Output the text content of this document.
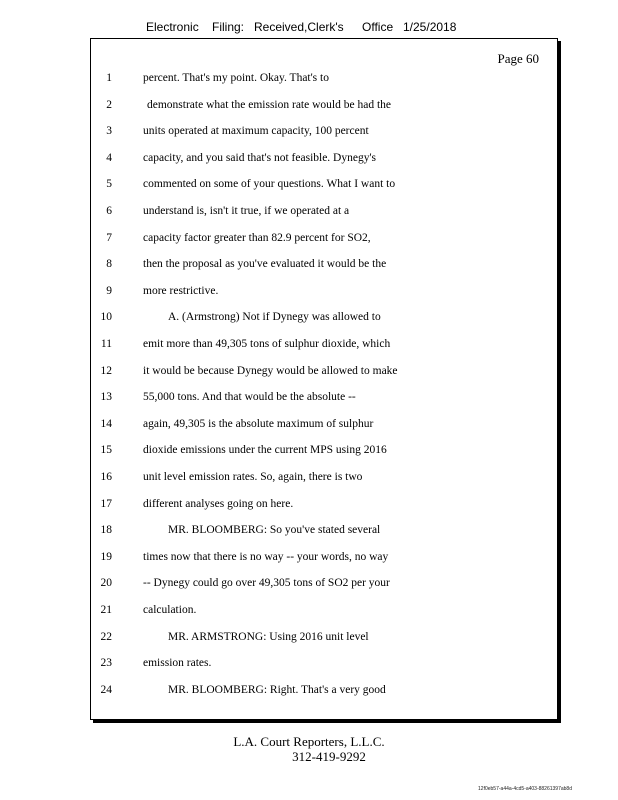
Electronic Filing: Received,Clerk's Office 1/25/2018
Page 60
1	percent. That's my point. Okay. That's to
2	demonstrate what the emission rate would be had the
3	units operated at maximum capacity, 100 percent
4	capacity, and you said that's not feasible. Dynegy's
5	commented on some of your questions. What I want to
6	understand is, isn't it true, if we operated at a
7	capacity factor greater than 82.9 percent for SO2,
8	then the proposal as you've evaluated it would be the
9	more restrictive.
10	A. (Armstrong) Not if Dynegy was allowed to
11	emit more than 49,305 tons of sulphur dioxide, which
12	it would be because Dynegy would be allowed to make
13	55,000 tons. And that would be the absolute --
14	again, 49,305 is the absolute maximum of sulphur
15	dioxide emissions under the current MPS using 2016
16	unit level emission rates. So, again, there is two
17	different analyses going on here.
18	MR. BLOOMBERG: So you've stated several
19	times now that there is no way -- your words, no way
20	-- Dynegy could go over 49,305 tons of SO2 per your
21	calculation.
22	MR. ARMSTRONG: Using 2016 unit level
23	emission rates.
24	MR. BLOOMBERG: Right. That's a very good
L.A. Court Reporters, L.L.C.
312-419-9292
12f0eb57-a44a-4cd5-a403-88261397ab8d
